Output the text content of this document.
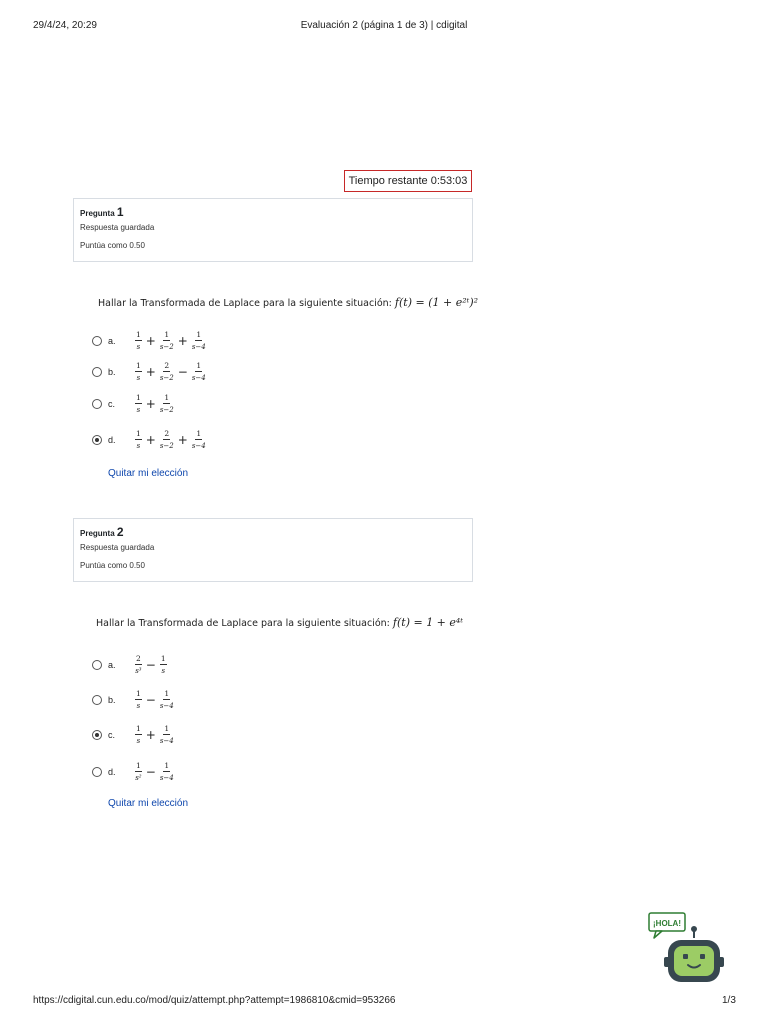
29/4/24, 20:29	Evaluación 2 (página 1 de 3) | cdigital
Tiempo restante 0:53:03
Pregunta 1
Respuesta guardada
Puntúa como 0.50
Hallar la Transformada de Laplace para la siguiente situación: f(t) = (1 + e²ᵗ)²
a.	$\frac{1}{s} + \frac{1}{s-2} + \frac{1}{s-4}$
b.	$\frac{1}{s} + \frac{2}{s-2} - \frac{1}{s-4}$
c.	$\frac{1}{s} + \frac{1}{s-2}$
d.	$\frac{1}{s} + \frac{2}{s-2} + \frac{1}{s-4}$
Quitar mi elección
Pregunta 2
Respuesta guardada
Puntúa como 0.50
Hallar la Transformada de Laplace para la siguiente situación: f(t) = 1 + e⁴ᵗ
a.	$\frac{2}{\text{s³}} - \frac{1}{s}$
b.	$\frac{1}{s} - \frac{1}{s-4}$
c.	$\frac{1}{s} + \frac{1}{s-4}$
d.	$\frac{1}{\text{s²}} - \frac{1}{s-4}$
Quitar mi elección
¡HOLA!
https://cdigital.cun.edu.co/mod/quiz/attempt.php?attempt=1986810&cmid=953266	1/3
